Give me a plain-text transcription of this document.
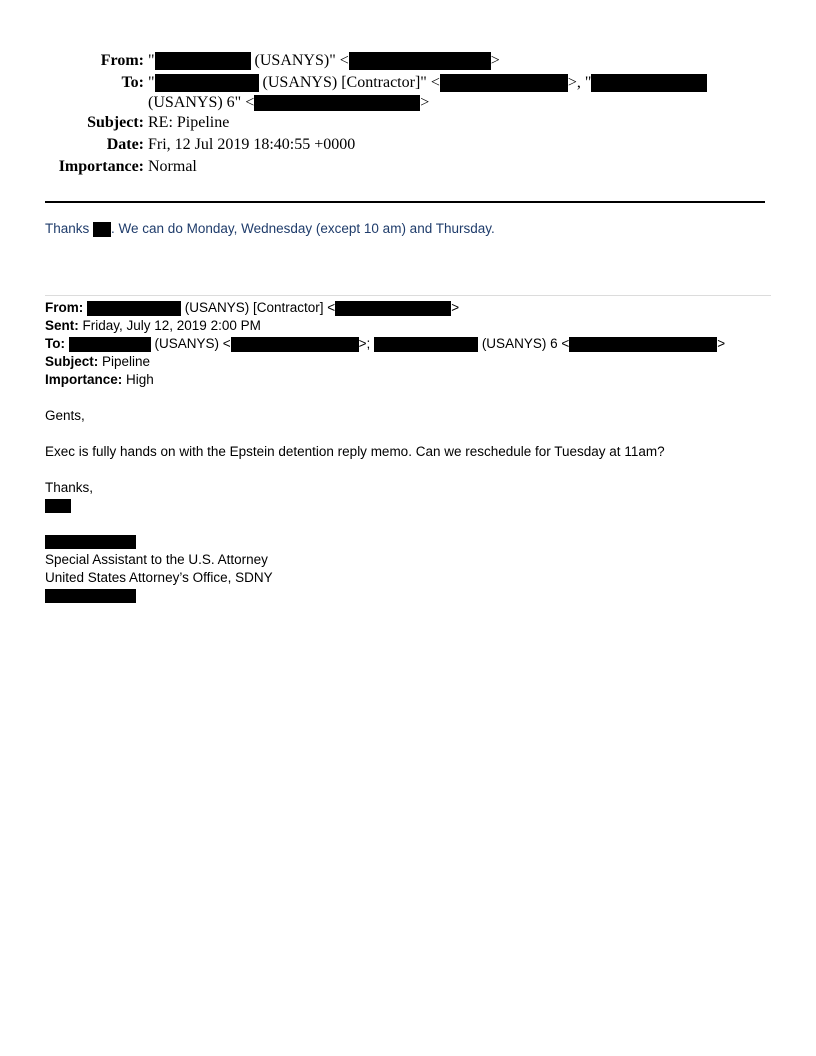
From: "	(USANYS)" <	>
To: "	(USANYS) [Contractor]" <	>, "
(USANYS) 6" <	>
Subject: RE: Pipeline
Date: Fri, 12 Jul 2019 18:40:55 +0000
Importance: Normal
Thanks . We can do Monday, Wednesday (except 10 am) and Thursday.
From:	(USANYS) [Contractor] <	>
Sent: Friday, July 12, 2019 2:00 PM
To:	(USANYS) <	>;	(USANYS) 6 <	>
Subject: Pipeline
Importance: High
Gents,
Exec is fully hands on with the Epstein detention reply memo. Can we reschedule for Tuesday at 11am?
Thanks,
Special Assistant to the U.S. Attorney
United States Attorney’s Office, SDNY
